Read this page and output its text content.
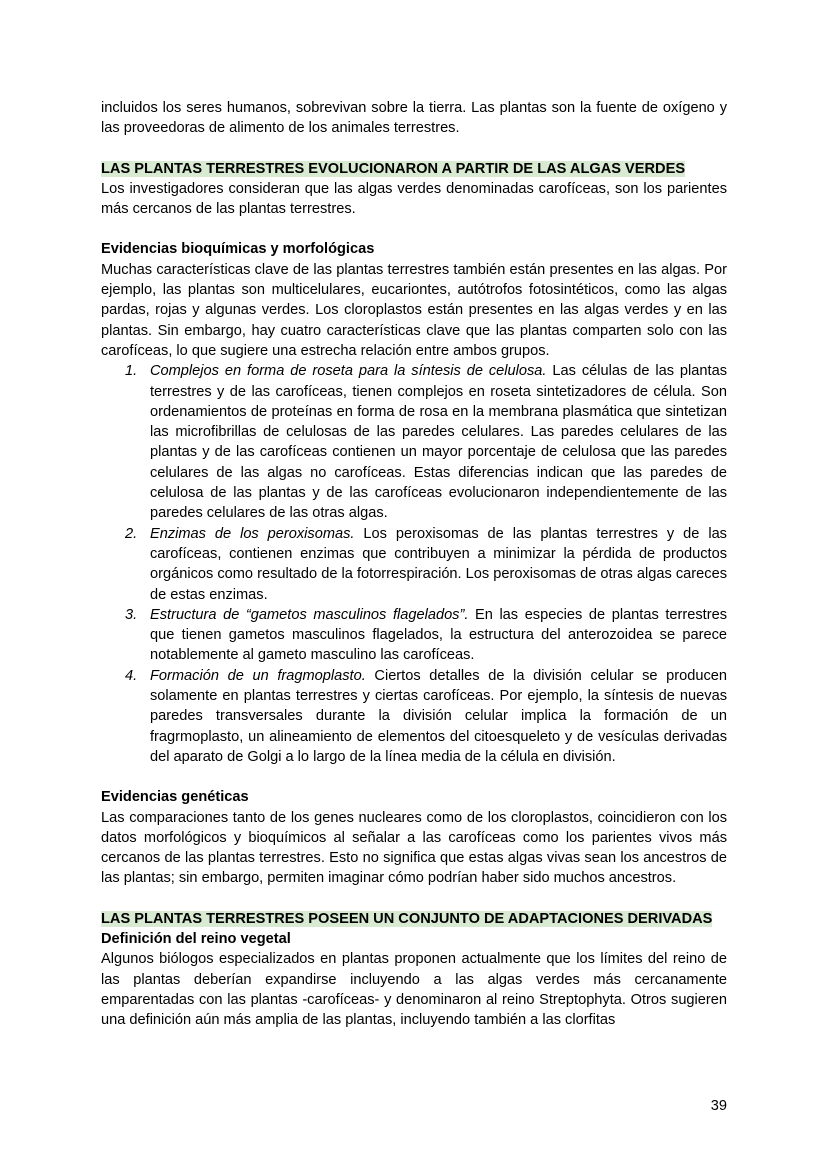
incluidos los seres humanos, sobrevivan sobre la tierra. Las plantas son la fuente de oxígeno y las proveedoras de alimento de los animales terrestres.

LAS PLANTAS TERRESTRES EVOLUCIONARON A PARTIR DE LAS ALGAS VERDES

Los investigadores consideran que las algas verdes denominadas carofíceas, son los parientes más cercanos de las plantas terrestres.

Evidencias bioquímicas y morfológicas

Muchas características clave de las plantas terrestres también están presentes en las algas. Por ejemplo, las plantas son multicelulares, eucariontes, autótrofos fotosintéticos, como las algas pardas, rojas y algunas verdes. Los cloroplastos están presentes en las algas verdes y en las plantas. Sin embargo, hay cuatro características clave que las plantas comparten solo con las carofíceas, lo que sugiere una estrecha relación entre ambos grupos.

1. Complejos en forma de roseta para la síntesis de celulosa. Las células de las plantas terrestres y de las carofíceas, tienen complejos en roseta sintetizadores de célula. Son ordenamientos de proteínas en forma de rosa en la membrana plasmática que sintetizan las microfibrillas de celulosas de las paredes celulares. Las paredes celulares de las plantas y de las carofíceas contienen un mayor porcentaje de celulosa que las paredes celulares de las algas no carofíceas. Estas diferencias indican que las paredes de celulosa de las plantas y de las carofíceas evolucionaron independientemente de las paredes celulares de las otras algas.
2. Enzimas de los peroxisomas. Los peroxisomas de las plantas terrestres y de las carofíceas, contienen enzimas que contribuyen a minimizar la pérdida de productos orgánicos como resultado de la fotorrespiración. Los peroxisomas de otras algas careces de estas enzimas.
3. Estructura de “gametos masculinos flagelados”. En las especies de plantas terrestres que tienen gametos masculinos flagelados, la estructura del anterozoidea se parece notablemente al gameto masculino las carofíceas.
4. Formación de un fragmoplasto. Ciertos detalles de la división celular se producen solamente en plantas terrestres y ciertas carofíceas. Por ejemplo, la síntesis de nuevas paredes transversales durante la división celular implica la formación de un fragrmoplasto, un alineamiento de elementos del citoesqueleto y de vesículas derivadas del aparato de Golgi a lo largo de la línea media de la célula en división.

Evidencias genéticas

Las comparaciones tanto de los genes nucleares como de los cloroplastos, coincidieron con los datos morfológicos y bioquímicos al señalar a las carofíceas como los parientes vivos más cercanos de las plantas terrestres. Esto no significa que estas algas vivas sean los ancestros de las plantas; sin embargo, permiten imaginar cómo podrían haber sido muchos ancestros.

LAS PLANTAS TERRESTRES POSEEN UN CONJUNTO DE ADAPTACIONES DERIVADAS

Definición del reino vegetal

Algunos biólogos especializados en plantas proponen actualmente que los límites del reino de las plantas deberían expandirse incluyendo a las algas verdes más cercanamente emparentadas con las plantas -carofíceas- y denominaron al reino Streptophyta. Otros sugieren una definición aún más amplia de las plantas, incluyendo también a las clorfitas

39
